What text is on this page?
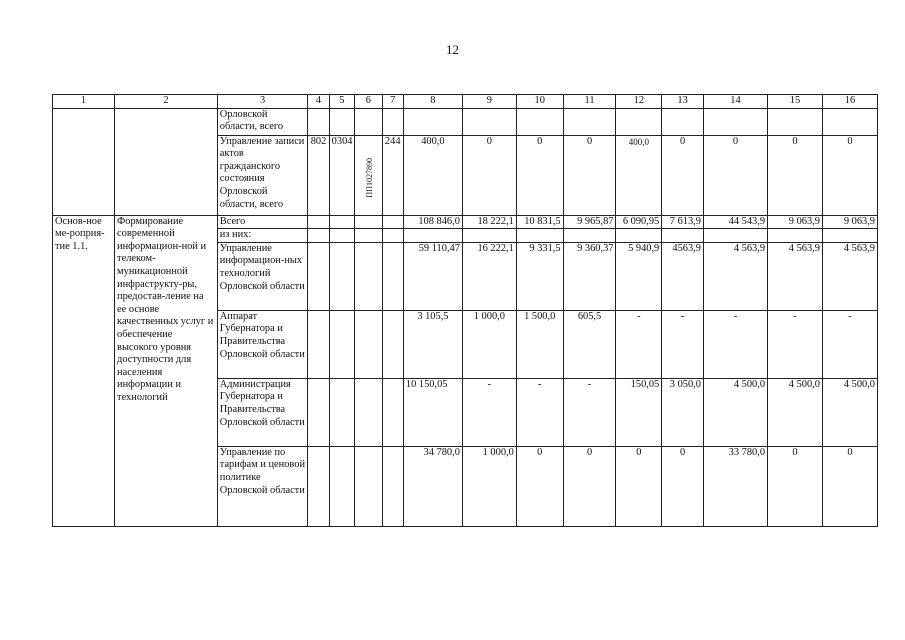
12
1	2	3	4	5	6	7	8	9	10	11	12	13	14	15	16
		Орловской области, всего													
		Управление записи актов гражданского состояния Орловской области, всего	802	0304	ПП1027890	244	400,0	0	0	0	400,0	0	0	0	0
Основ-ное ме-роприя-тие 1.1.	Формирование современной информацион-ной и телеком-муникационной инфраструкту-ры, предостав-ление на ее основе качественных услуг и обеспечение высокого уровня доступности для населения информации и технологий	Всего					108 846,0	18 222,1	10 831,5	9 965,87	6 090,95	7 613,9	44 543,9	9 063,9	9 063,9
		из них:													
		Управление информацион-ных технологий Орловской области					59 110,47	16 222,1	9 331,5	9 360,37	5 940,9	4563,9	4 563,9	4 563,9	4 563,9
		Аппарат Губернатора и Правительства Орловской области					3 105,5	1 000,0	1 500,0	605,5	-	-	-	-	-
		Администрация Губернатора и Правительства Орловской области					10 150,05	-	-	-	150,05	3 050,0	4 500,0	4 500,0	4 500,0
		Управление по тарифам и ценовой политике Орловской области					34 780,0	1 000,0	0	0	0	0	33 780,0	0	0
